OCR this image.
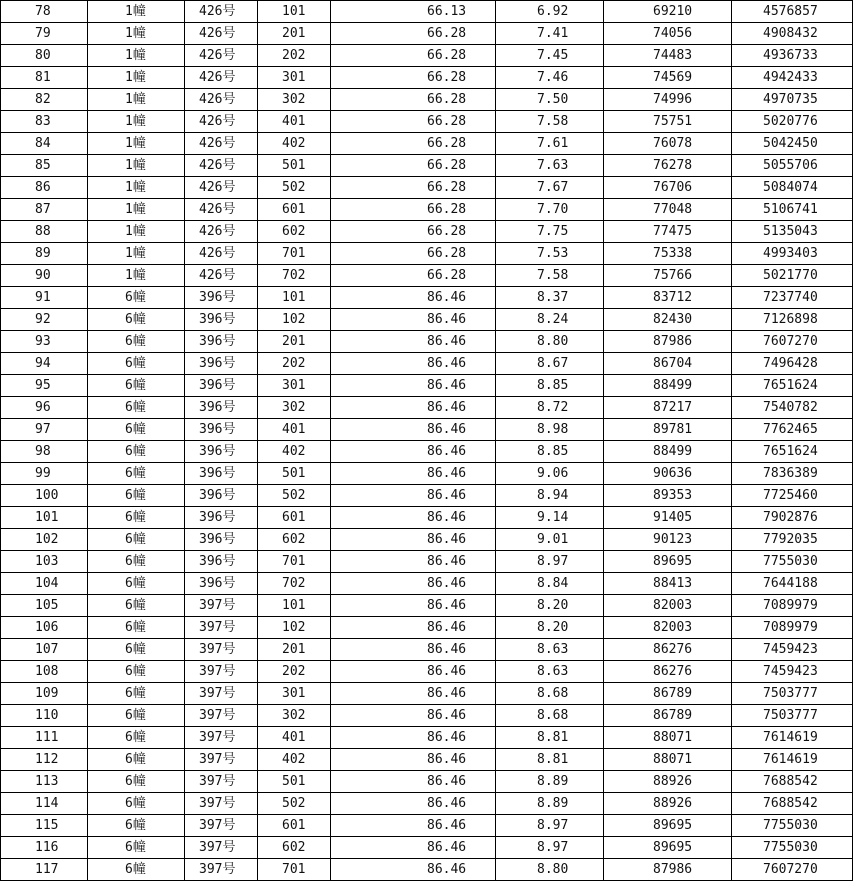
78	1幢	426号	101	66.13	6.92	69210	4576857
79	1幢	426号	201	66.28	7.41	74056	4908432
80	1幢	426号	202	66.28	7.45	74483	4936733
81	1幢	426号	301	66.28	7.46	74569	4942433
82	1幢	426号	302	66.28	7.50	74996	4970735
83	1幢	426号	401	66.28	7.58	75751	5020776
84	1幢	426号	402	66.28	7.61	76078	5042450
85	1幢	426号	501	66.28	7.63	76278	5055706
86	1幢	426号	502	66.28	7.67	76706	5084074
87	1幢	426号	601	66.28	7.70	77048	5106741
88	1幢	426号	602	66.28	7.75	77475	5135043
89	1幢	426号	701	66.28	7.53	75338	4993403
90	1幢	426号	702	66.28	7.58	75766	5021770
91	6幢	396号	101	86.46	8.37	83712	7237740
92	6幢	396号	102	86.46	8.24	82430	7126898
93	6幢	396号	201	86.46	8.80	87986	7607270
94	6幢	396号	202	86.46	8.67	86704	7496428
95	6幢	396号	301	86.46	8.85	88499	7651624
96	6幢	396号	302	86.46	8.72	87217	7540782
97	6幢	396号	401	86.46	8.98	89781	7762465
98	6幢	396号	402	86.46	8.85	88499	7651624
99	6幢	396号	501	86.46	9.06	90636	7836389
100	6幢	396号	502	86.46	8.94	89353	7725460
101	6幢	396号	601	86.46	9.14	91405	7902876
102	6幢	396号	602	86.46	9.01	90123	7792035
103	6幢	396号	701	86.46	8.97	89695	7755030
104	6幢	396号	702	86.46	8.84	88413	7644188
105	6幢	397号	101	86.46	8.20	82003	7089979
106	6幢	397号	102	86.46	8.20	82003	7089979
107	6幢	397号	201	86.46	8.63	86276	7459423
108	6幢	397号	202	86.46	8.63	86276	7459423
109	6幢	397号	301	86.46	8.68	86789	7503777
110	6幢	397号	302	86.46	8.68	86789	7503777
111	6幢	397号	401	86.46	8.81	88071	7614619
112	6幢	397号	402	86.46	8.81	88071	7614619
113	6幢	397号	501	86.46	8.89	88926	7688542
114	6幢	397号	502	86.46	8.89	88926	7688542
115	6幢	397号	601	86.46	8.97	89695	7755030
116	6幢	397号	602	86.46	8.97	89695	7755030
117	6幢	397号	701	86.46	8.80	87986	7607270
